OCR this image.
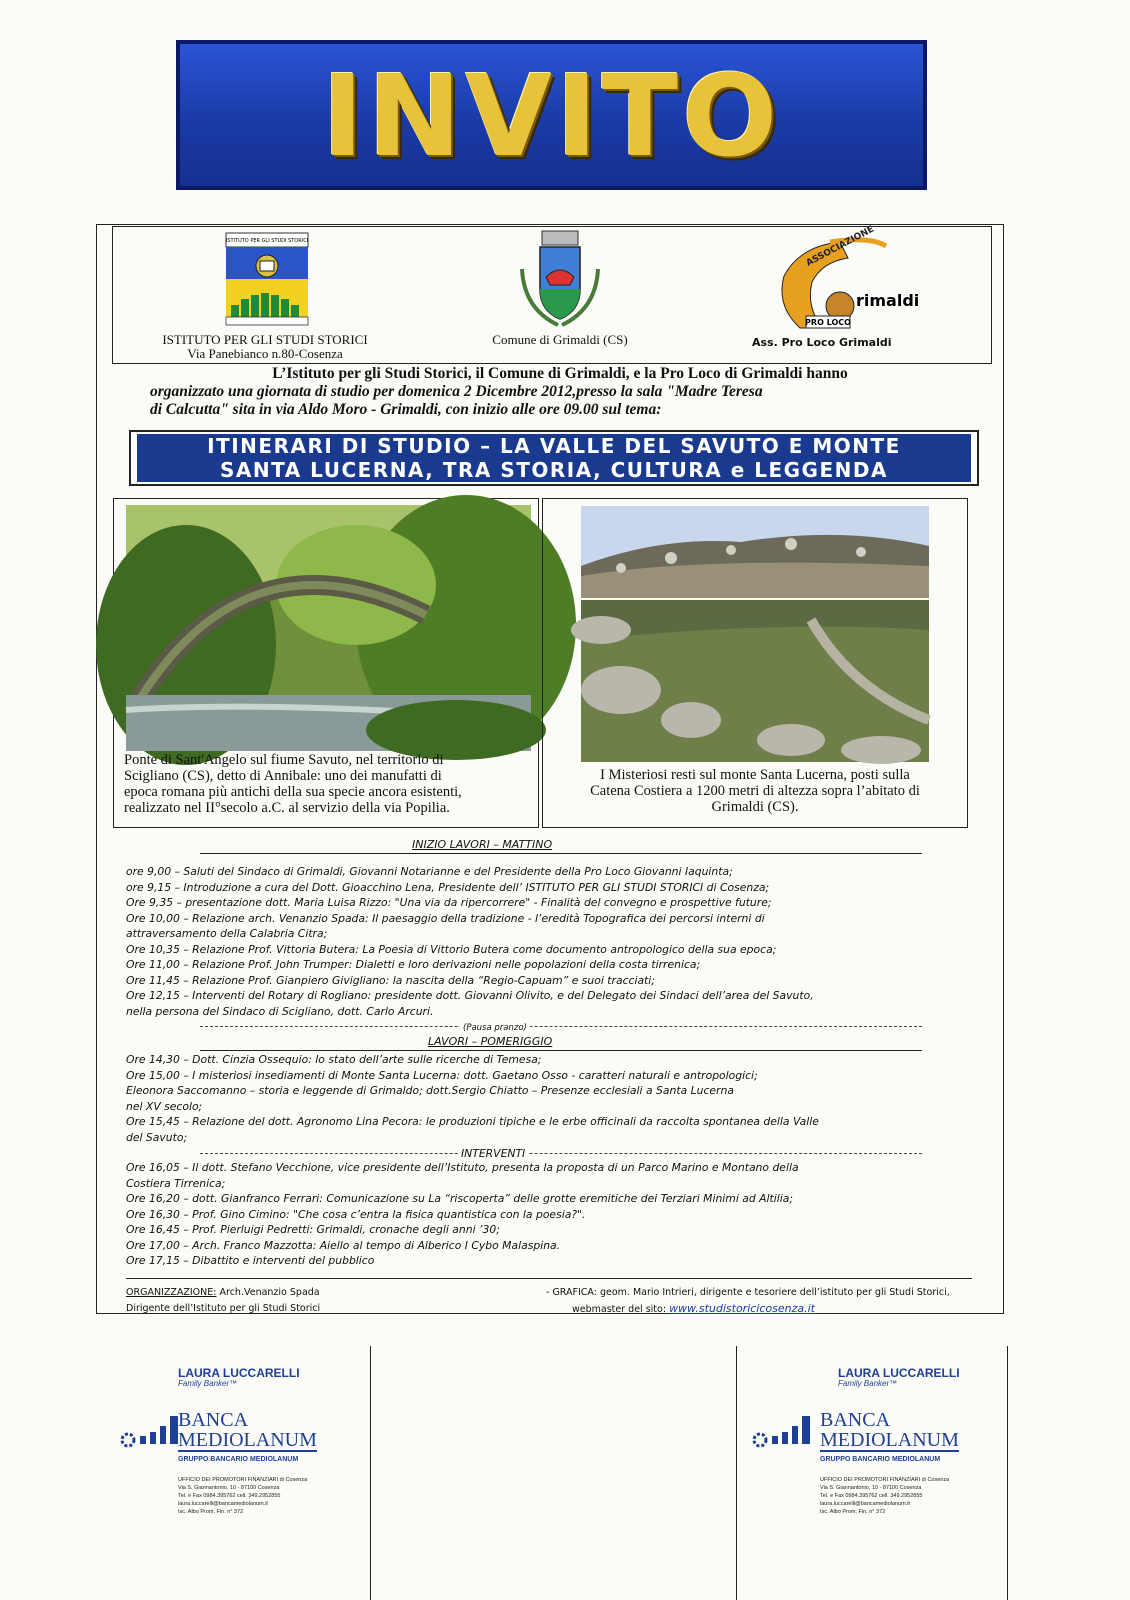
INVITO
ISTITUTO PER GLI STUDI STORICI
ISTITUTO PER GLI STUDI STORICI
Via Panebianco n.80-Cosenza
Comune di Grimaldi (CS)
ASSOCIAZIONE
PRO LOCO
rimaldi
Ass. Pro Loco Grimaldi
L’Istituto per gli Studi Storici, il Comune di Grimaldi, e la Pro Loco di Grimaldi hanno
organizzato una giornata di studio per domenica 2 Dicembre 2012,presso la sala "Madre Teresa
di Calcutta" sita in via Aldo Moro - Grimaldi, con inizio alle ore 09.00 sul tema:
ITINERARI DI STUDIO – LA VALLE DEL SAVUTO E MONTE
SANTA LUCERNA, TRA STORIA, CULTURA e LEGGENDA
Ponte di Sant'Angelo sul fiume Savuto, nel territorio di
Scigliano (CS), detto di Annibale: uno dei manufatti di
epoca romana più antichi della sua specie ancora esistenti,
realizzato nel II°secolo a.C. al servizio della via Popilia.
I Misteriosi resti sul monte Santa Lucerna, posti sulla
Catena Costiera a 1200 metri di altezza sopra l’abitato di
Grimaldi (CS).
INIZIO LAVORI – MATTINO
ore 9,00 – Saluti del Sindaco di Grimaldi, Giovanni Notarianne e del Presidente della Pro Loco Giovanni Iaquinta;
ore 9,15 – Introduzione a cura del Dott. Gioacchino Lena, Presidente dell’ ISTITUTO PER GLI STUDI STORICI di Cosenza;
Ore 9,35 – presentazione dott. Maria Luisa Rizzo: "Una via da ripercorrere" - Finalità del convegno e prospettive future;
Ore 10,00 – Relazione arch. Venanzio Spada: Il paesaggio della tradizione - l’eredità Topografica dei percorsi interni di
attraversamento della Calabria Citra;
Ore 10,35 – Relazione Prof. Vittoria Butera: La Poesia di Vittorio Butera come documento antropologico della sua epoca;
Ore 11,00 – Relazione Prof. John Trumper: Dialetti e loro derivazioni nelle popolazioni della costa tirrenica;
Ore 11,45 – Relazione Prof. Gianpiero Givigliano: la nascita della “Regio-Capuam” e suoi tracciati;
Ore 12,15 – Interventi del Rotary di Rogliano: presidente dott. Giovanni Olivito, e del Delegato dei Sindaci dell’area del Savuto,
nella persona del Sindaco di Scigliano, dott. Carlo Arcuri.
(Pausa pranzo)
LAVORI – POMERIGGIO
Ore 14,30 – Dott. Cinzia Ossequio: lo stato dell’arte sulle ricerche di Temesa;
Ore 15,00 – I misteriosi insediamenti di Monte Santa Lucerna: dott. Gaetano Osso - caratteri naturali e antropologici;
Eleonora Saccomanno – storia e leggende di Grimaldo; dott.Sergio Chiatto – Presenze ecclesiali a Santa Lucerna
nel XV secolo;
Ore 15,45 – Relazione del dott. Agronomo Lina Pecora: le produzioni tipiche e le erbe officinali da raccolta spontanea della Valle
del Savuto;
INTERVENTI
Ore 16,05 – Il dott. Stefano Vecchione, vice presidente dell’Istituto, presenta la proposta di un Parco Marino e Montano della
Costiera Tirrenica;
Ore 16,20 – dott. Gianfranco Ferrari: Comunicazione su La “riscoperta” delle grotte eremitiche dei Terziari Minimi ad Altilia;
Ore 16,30 – Prof. Gino Cimino: "Che cosa c’entra la fisica quantistica con la poesia?".
Ore 16,45 – Prof. Pierluigi Pedretti: Grimaldi, cronache degli anni ’30;
Ore 17,00 – Arch. Franco Mazzotta: Aiello al tempo di Alberico I Cybo Malaspina.
Ore 17,15 – Dibattito e interventi del pubblico
ORGANIZZAZIONE: Arch.Venanzio Spada
Dirigente dell’Istituto per gli Studi Storici
- GRAFICA: geom. Mario Intrieri, dirigente e tesoriere dell’istituto per gli Studi Storici,
webmaster del sito: www.studistoricicosenza.it
LAURA LUCCARELLI
Family Banker™
BANCA
MEDIOLANUM
GRUPPO BANCARIO MEDIOLANUM
UFFICIO DEI PROMOTORI FINANZIARI di Cosenza
Via S. Giannantonio, 10 - 87100 Cosenza
Tel. e Fax 0984.395762 cell. 349.2952855
laura.luccarelli@bancamediolanum.it
Isc. Albo Prom. Fin. n° 372
LAURA LUCCARELLI
Family Banker™
BANCA
MEDIOLANUM
GRUPPO BANCARIO MEDIOLANUM
UFFICIO DEI PROMOTORI FINANZIARI di Cosenza
Via S. Giannantonio, 10 - 87100 Cosenza
Tel. e Fax 0984.395762 cell. 349.2952855
laura.luccarelli@bancamediolanum.it
Isc. Albo Prom. Fin. n° 372
